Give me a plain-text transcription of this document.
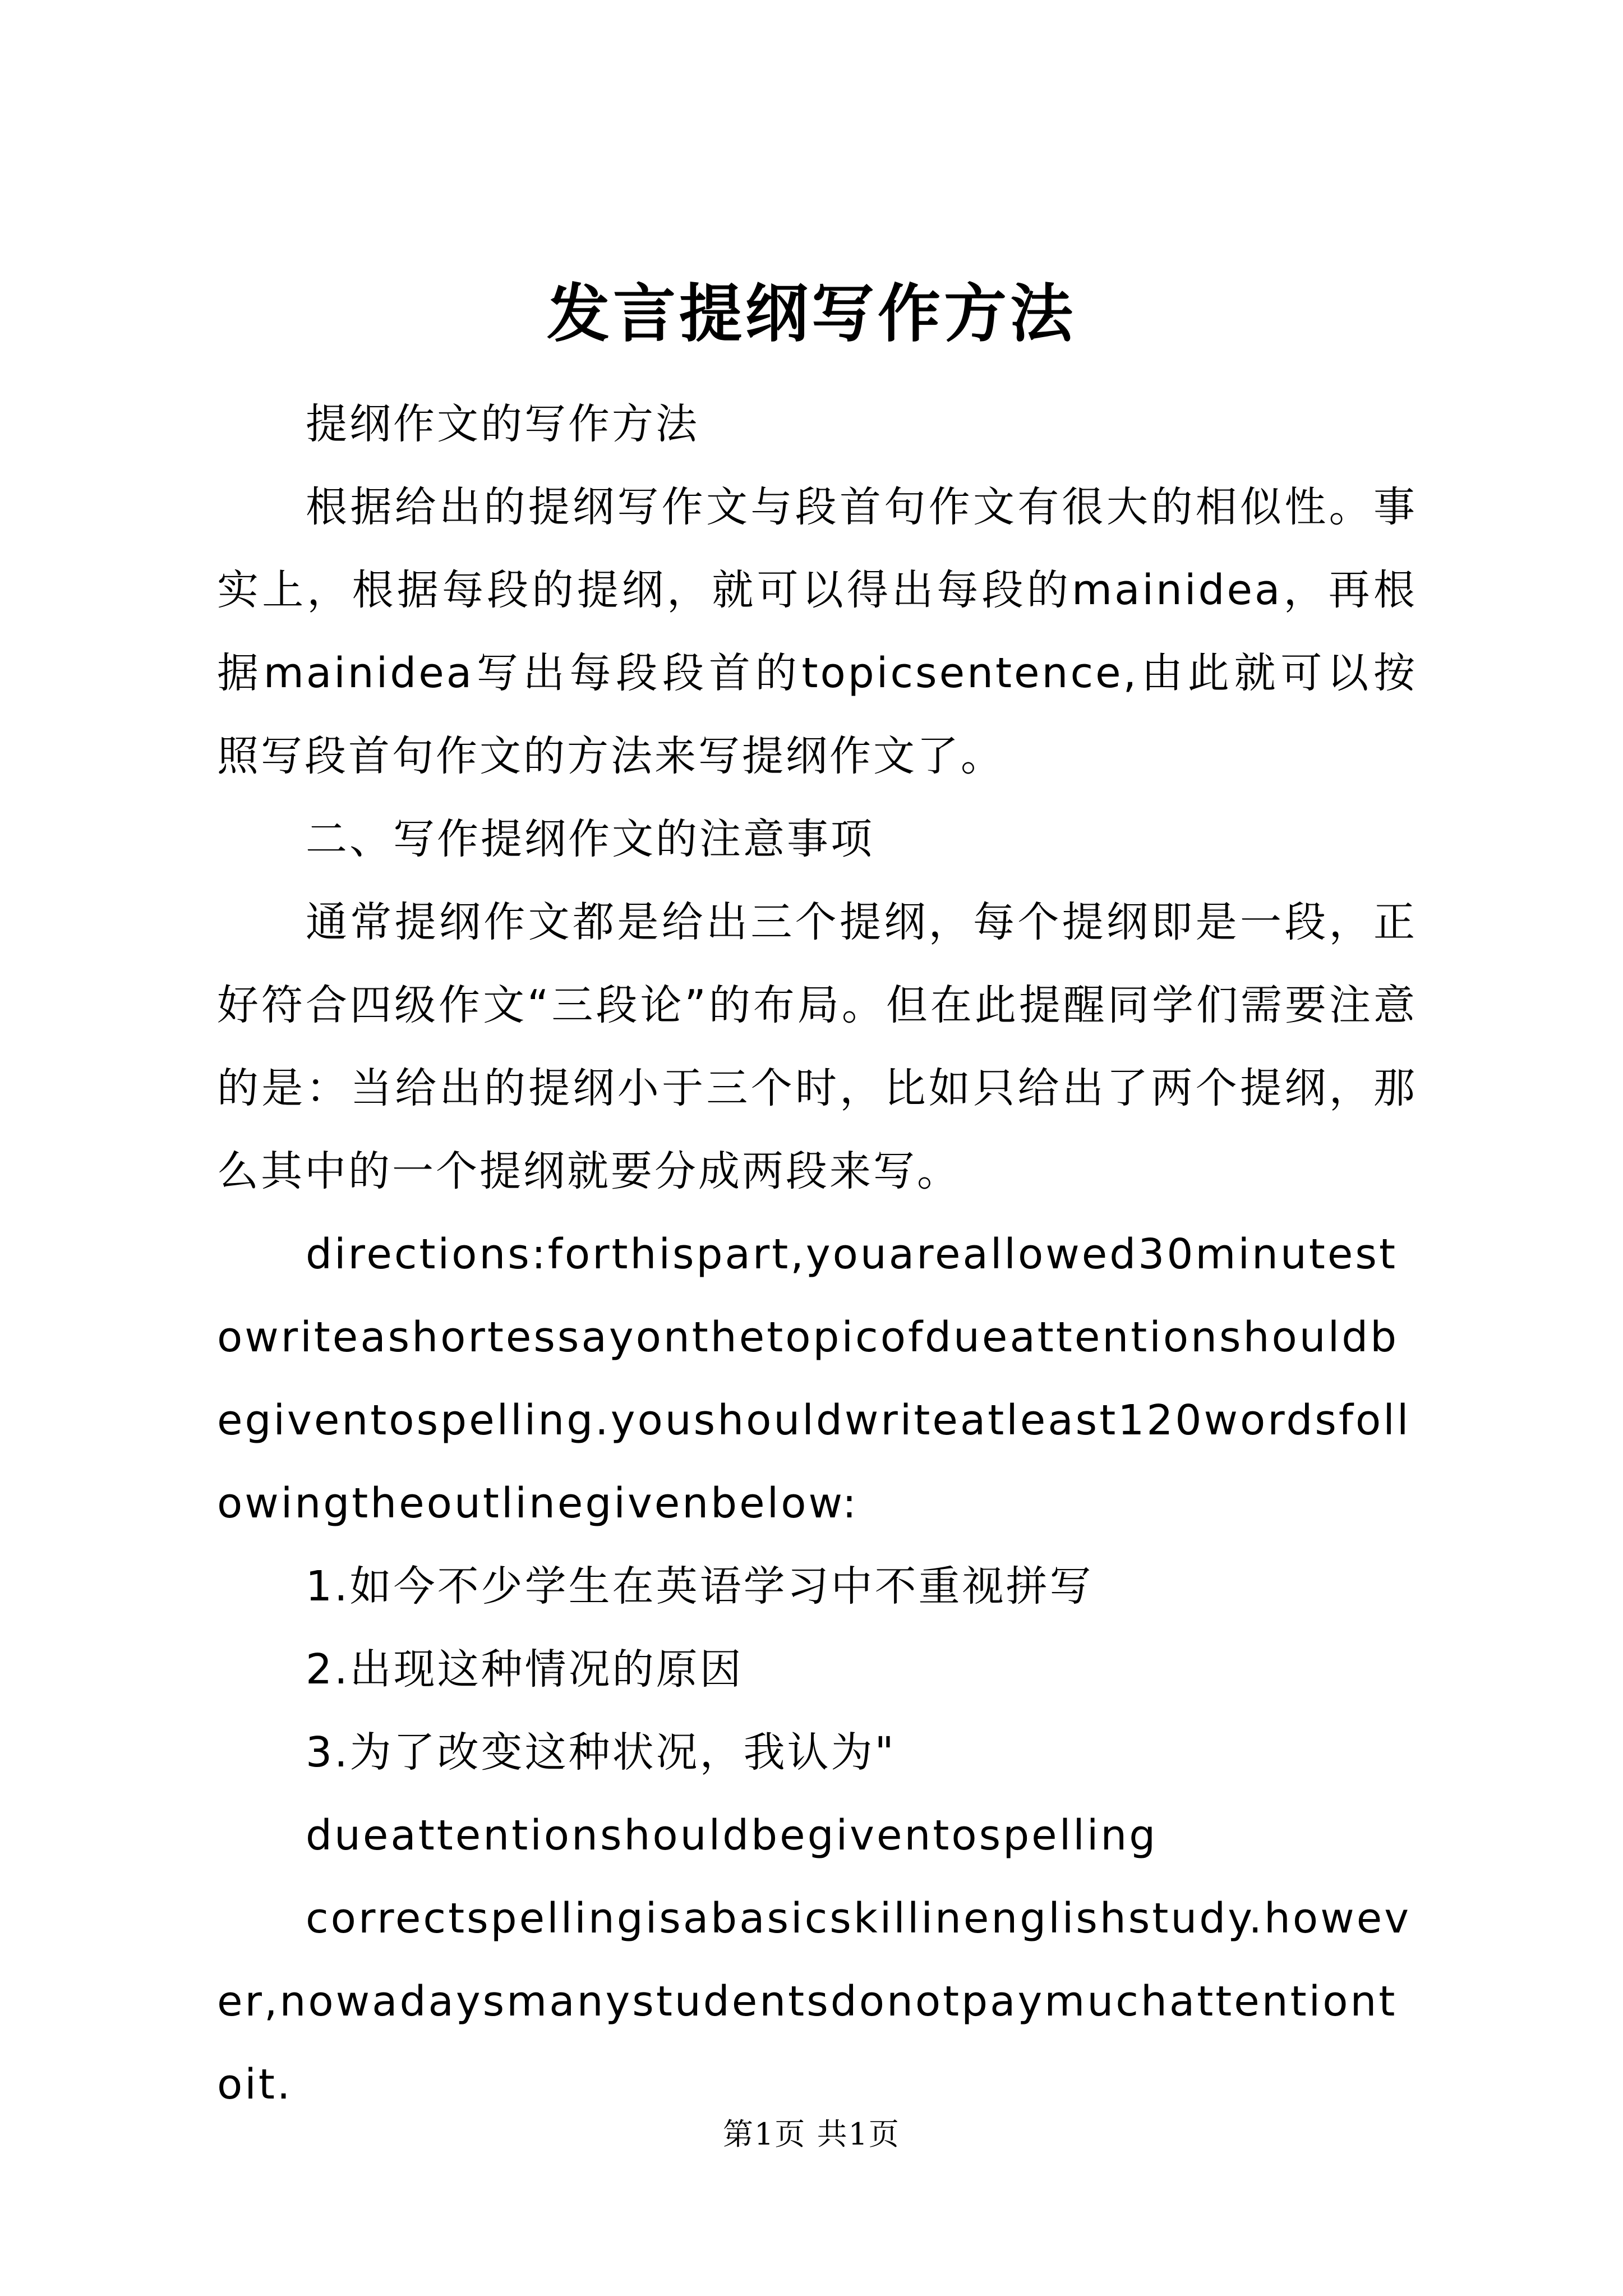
发言提纲写作方法

提纲作文的写作方法

根据给出的提纲写作文与段首句作文有很大的相似性。事实上，根据每段的提纲，就可以得出每段的mainidea，再根据mainidea写出每段段首的topicsentence,由此就可以按照写段首句作文的方法来写提纲作文了。

二、写作提纲作文的注意事项

通常提纲作文都是给出三个提纲，每个提纲即是一段，正好符合四级作文“三段论”的布局。但在此提醒同学们需要注意的是：当给出的提纲小于三个时，比如只给出了两个提纲，那么其中的一个提纲就要分成两段来写。

directions:forthispart,youareallowed30minutestowriteashortessayonthetopicofdueattentionshouldbegiventospelling.youshouldwriteatleast120wordsfollowingtheoutlinegivenbelow:

1.如今不少学生在英语学习中不重视拼写

2.出现这种情况的原因

3.为了改变这种状况，我认为"

dueattentionshouldbegiventospelling

correctspellingisabasicskillinenglishstudy.however,nowadaysmanystudentsdonotpaymuchattentiontoit.

第1页 共1页
